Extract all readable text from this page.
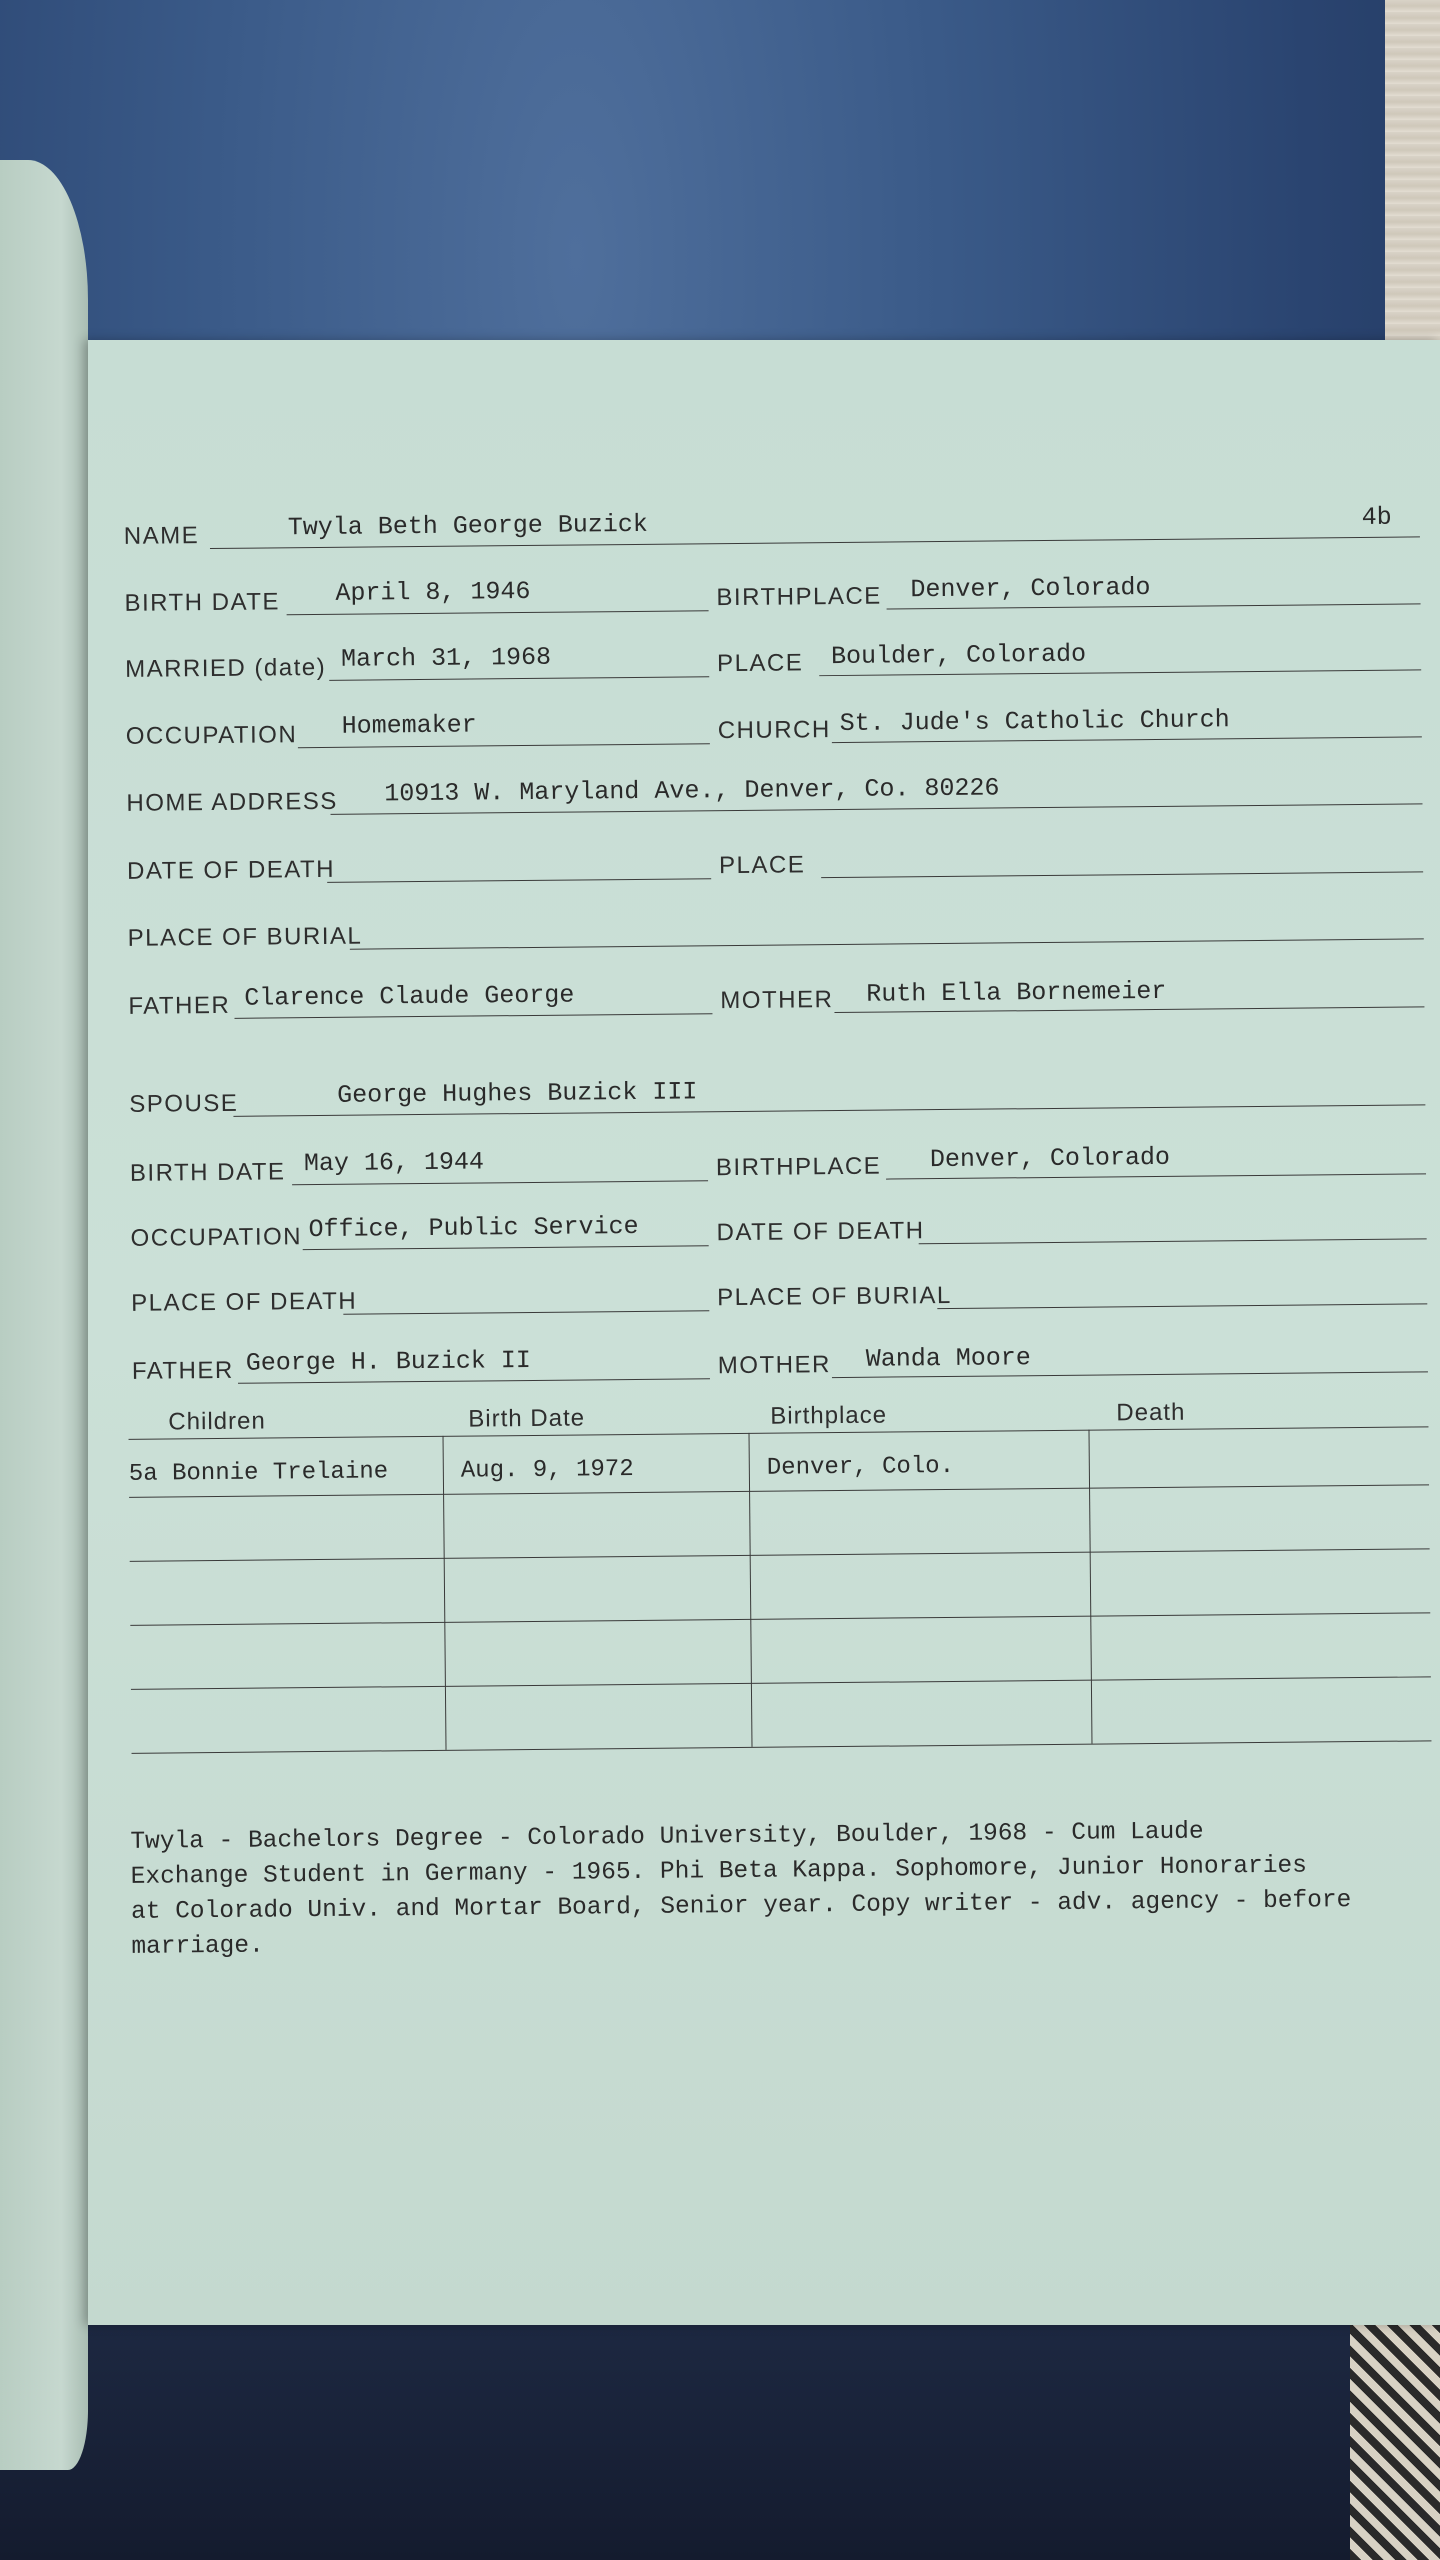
NAME	Twyla Beth George Buzick	4b
BIRTH DATE April 8, 1946	BIRTHPLACE Denver, Colorado
MARRIED (date) March 31, 1968	PLACE Boulder, Colorado
OCCUPATION Homemaker	CHURCH St. Jude's Catholic Church
HOME ADDRESS 10913 W. Maryland Ave., Denver, Co. 80226
DATE OF DEATH	PLACE
PLACE OF BURIAL
FATHER Clarence Claude George	MOTHER Ruth Ella Bornemeier
SPOUSE	George Hughes Buzick III
BIRTH DATE May 16, 1944	BIRTHPLACE Denver, Colorado
OCCUPATION Office, Public Service	DATE OF DEATH
PLACE OF DEATH	PLACE OF BURIAL
FATHER George H. Buzick II	MOTHER Wanda Moore
Children	Birth Date	Birthplace	Death
5a Bonnie Trelaine	Aug. 9, 1972	Denver, Colo.

Twyla - Bachelors Degree - Colorado University, Boulder, 1968 - Cum Laude

Exchange Student in Germany - 1965. Phi Beta Kappa. Sophomore, Junior Honoraries

at Colorado Univ. and Mortar Board, Senior year. Copy writer - adv. agency - before

marriage.
